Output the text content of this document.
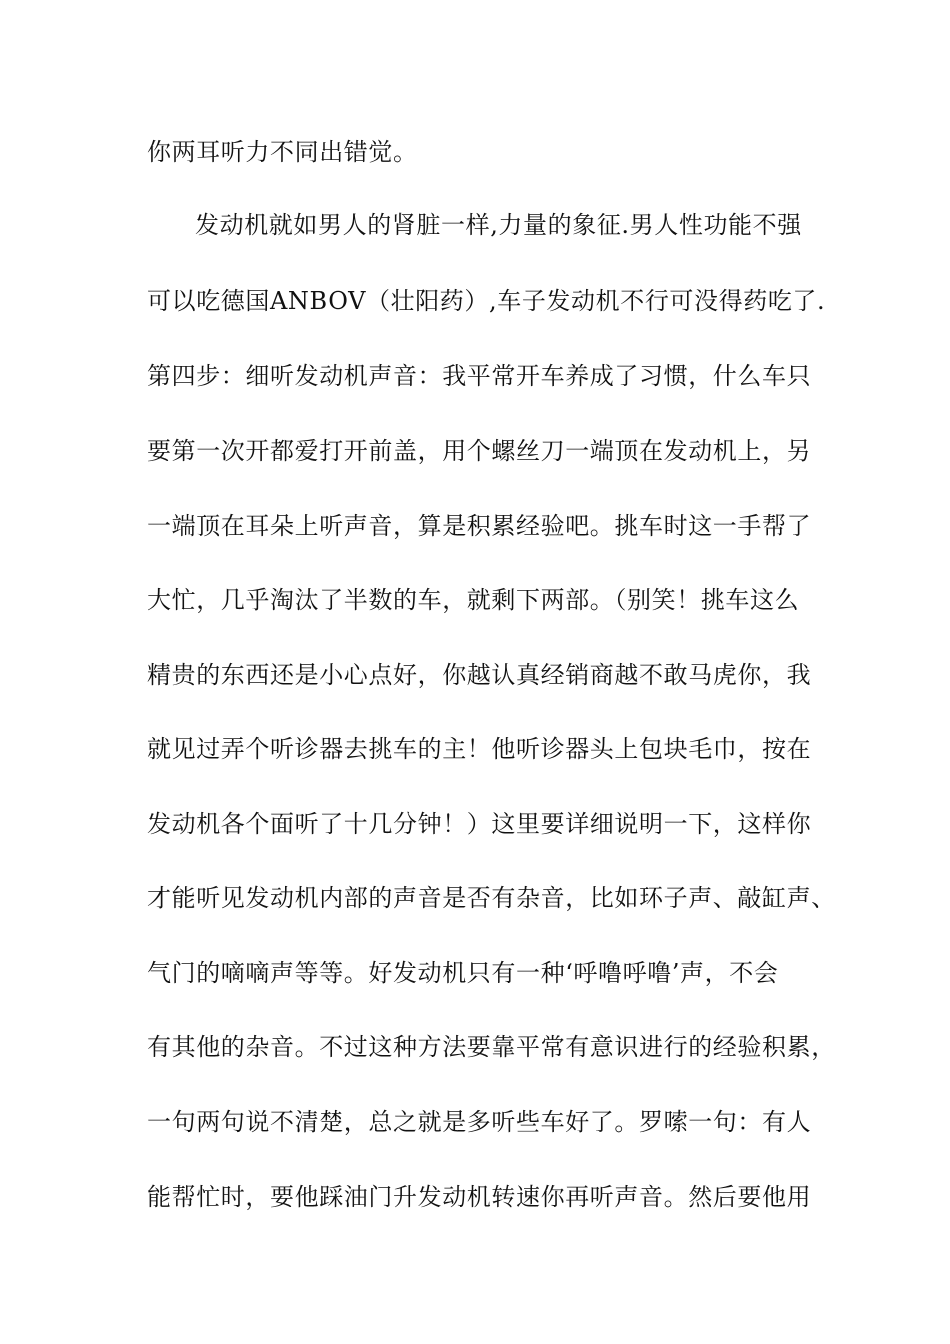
你两耳听力不同出错觉。
发动机就如男人的肾脏一样,力量的象征.男人性功能不强
可以吃德国ANBOV（壮阳药）,车子发动机不行可没得药吃了.
第四步：细听发动机声音：我平常开车养成了习惯，什么车只
要第一次开都爱打开前盖，用个螺丝刀一端顶在发动机上，另
一端顶在耳朵上听声音，算是积累经验吧。挑车时这一手帮了
大忙，几乎淘汰了半数的车，就剩下两部。（别笑！挑车这么
精贵的东西还是小心点好，你越认真经销商越不敢马虎你，我
就见过弄个听诊器去挑车的主！他听诊器头上包块毛巾，按在
发动机各个面听了十几分钟！）这里要详细说明一下，这样你
才能听见发动机内部的声音是否有杂音，比如环子声、敲缸声、
气门的嘀嘀声等等。好发动机只有一种‘呼噜呼噜’声，不会
有其他的杂音。不过这种方法要靠平常有意识进行的经验积累，
一句两句说不清楚，总之就是多听些车好了。罗嗦一句：有人
能帮忙时，要他踩油门升发动机转速你再听声音。然后要他用
